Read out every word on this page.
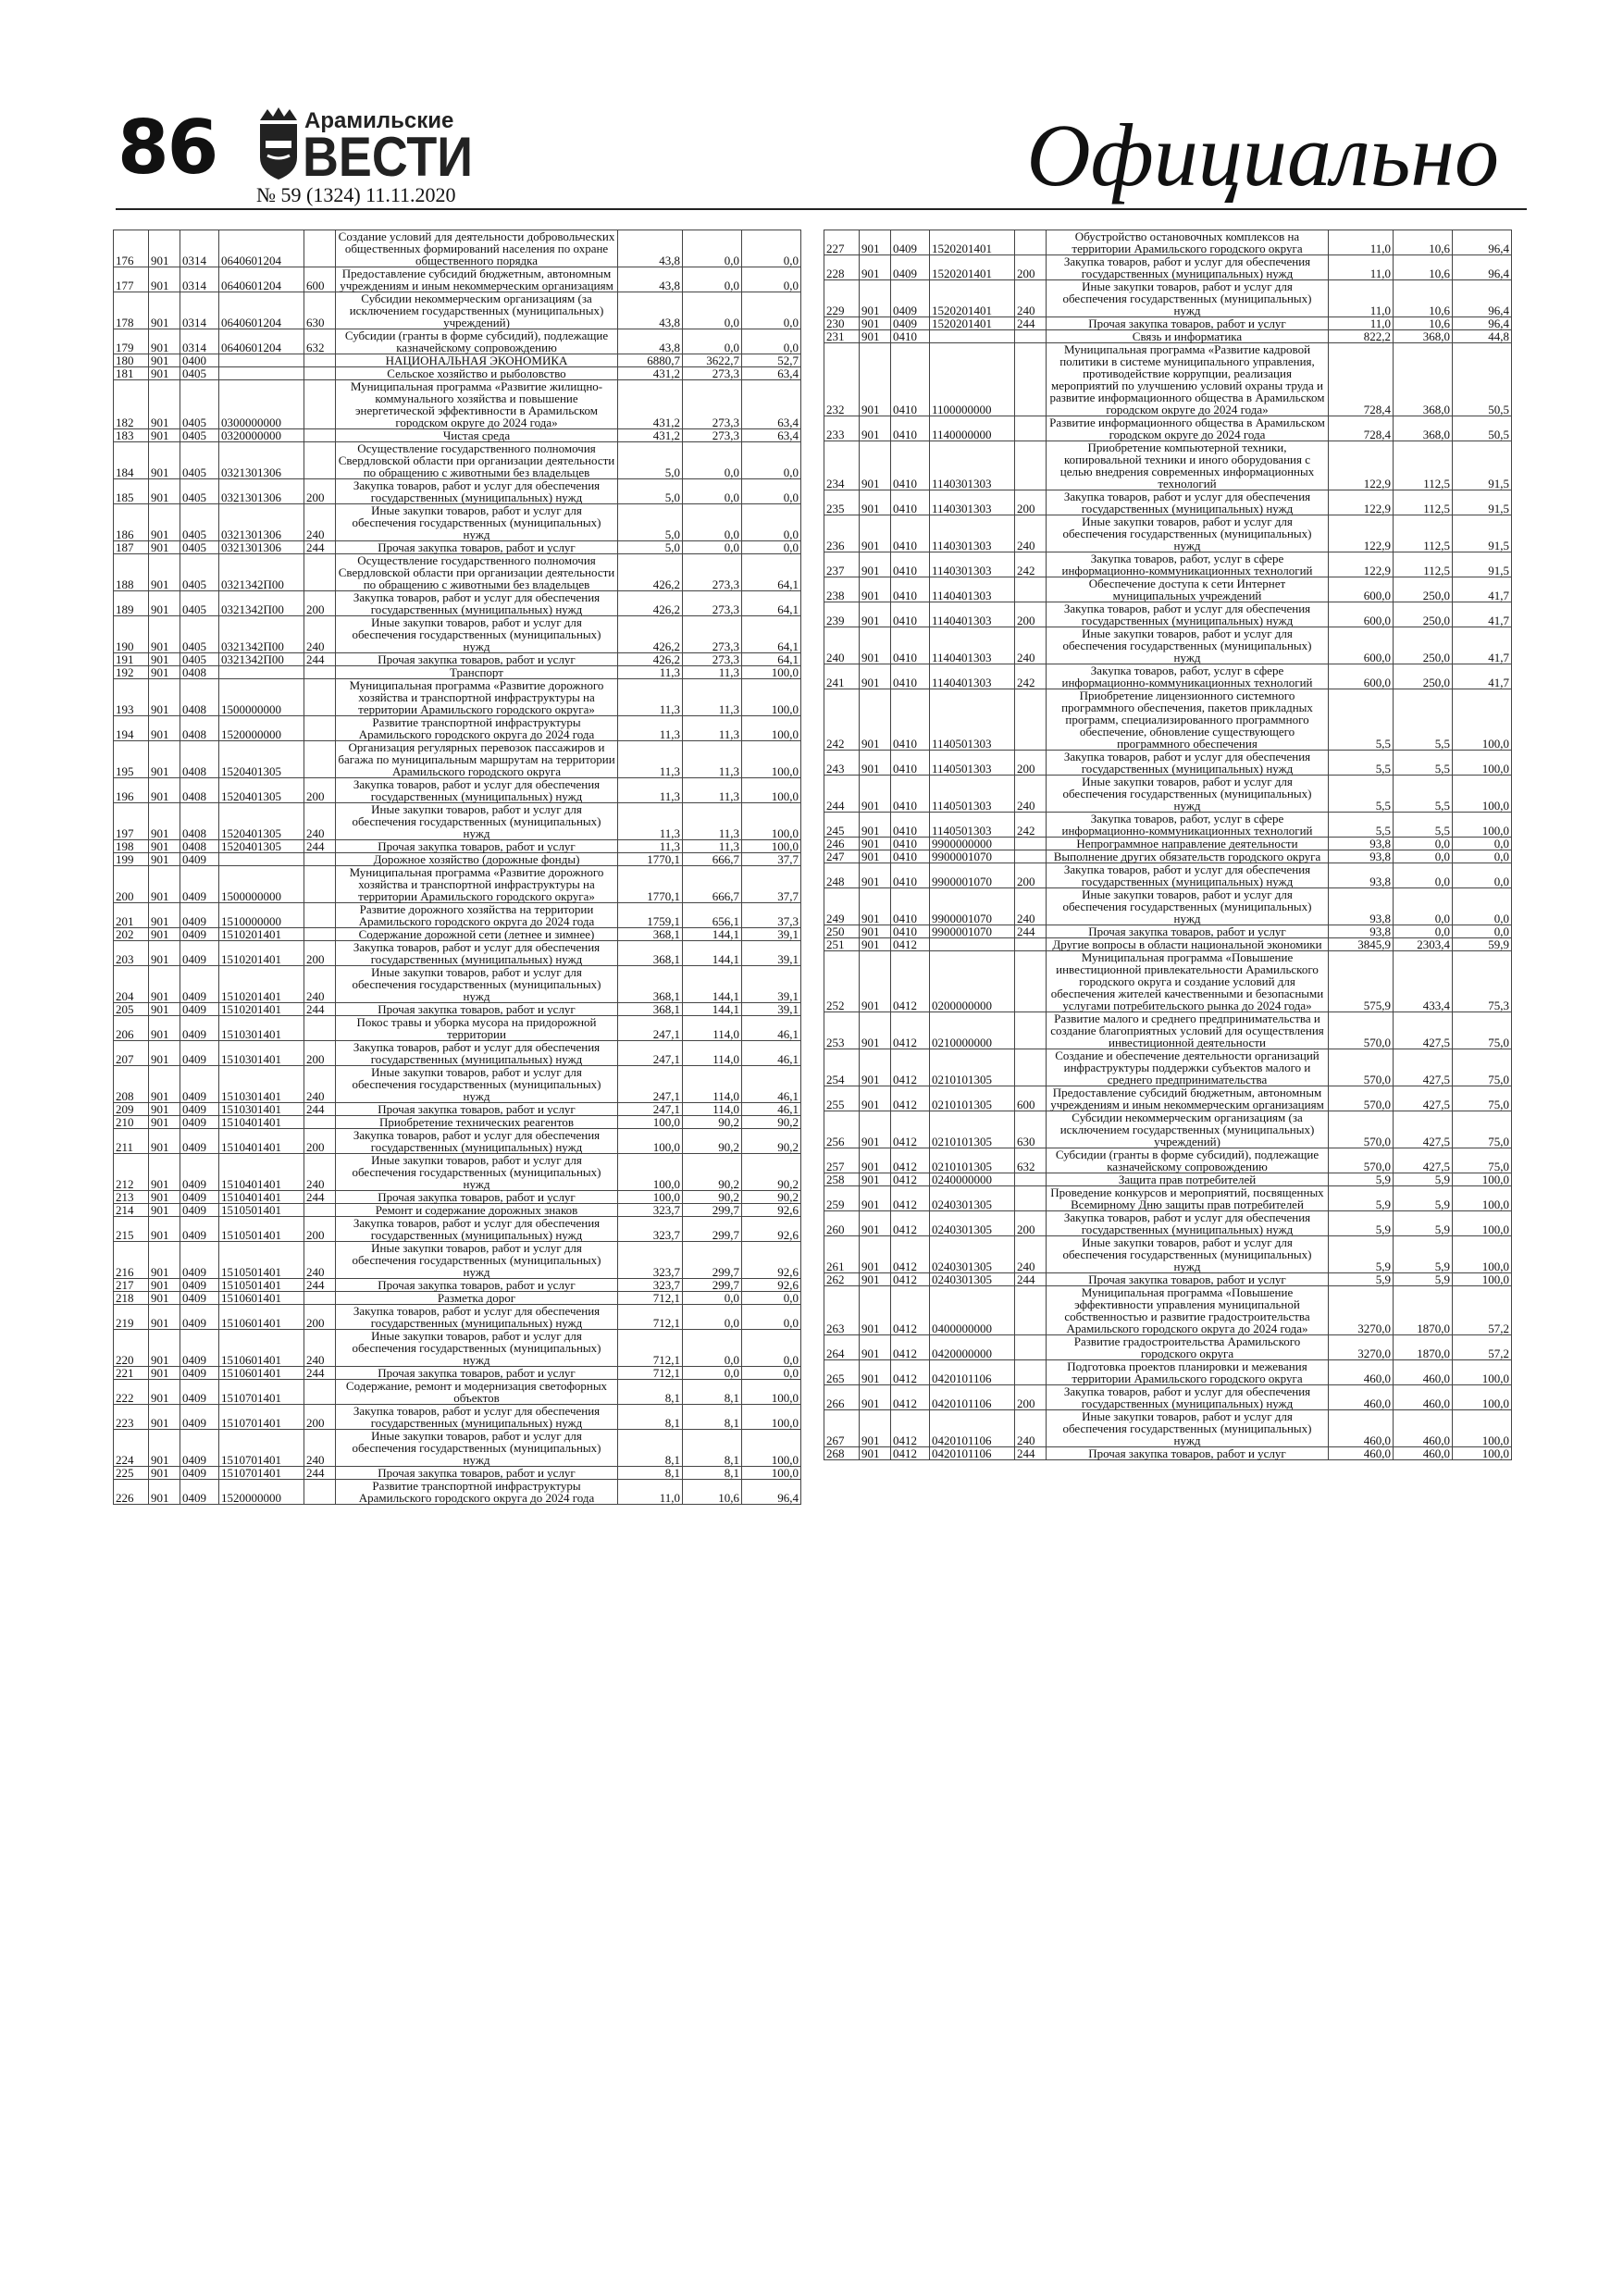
86	Арамильские
ВЕСТИ
№ 59 (1324) 11.11.2020	Официально
176	901	0314	0640601204		Создание условий для деятельности добровольческих общественных формирований населения по охране общественного порядка	43,8	0,0	0,0
177	901	0314	0640601204	600	Предоставление субсидий бюджетным, автономным учреждениям и иным некоммерческим организациям	43,8	0,0	0,0
178	901	0314	0640601204	630	Субсидии некоммерческим организациям (за исключением государственных (муниципальных) учреждений)	43,8	0,0	0,0
179	901	0314	0640601204	632	Субсидии (гранты в форме субсидий), подлежащие казначейскому сопровождению	43,8	0,0	0,0
180	901	0400			НАЦИОНАЛЬНАЯ ЭКОНОМИКА	6880,7	3622,7	52,7
181	901	0405			Сельское хозяйство и рыболовство	431,2	273,3	63,4
182	901	0405	0300000000		Муниципальная программа «Развитие жилищно-коммунального хозяйства и повышение энергетической эффективности в Арамильском городском округе до 2024 года»	431,2	273,3	63,4
183	901	0405	0320000000		Чистая среда	431,2	273,3	63,4
184	901	0405	0321301306		Осуществление государственного полномочия Свердловской области при организации деятельности по обращению с животными без владельцев	5,0	0,0	0,0
185	901	0405	0321301306	200	Закупка товаров, работ и услуг для обеспечения государственных (муниципальных) нужд	5,0	0,0	0,0
186	901	0405	0321301306	240	Иные закупки товаров, работ и услуг для обеспечения государственных (муниципальных) нужд	5,0	0,0	0,0
187	901	0405	0321301306	244	Прочая закупка товаров, работ и услуг	5,0	0,0	0,0
188	901	0405	0321342П00		Осуществление государственного полномочия Свердловской области при организации деятельности по обращению с животными без владельцев	426,2	273,3	64,1
189	901	0405	0321342П00	200	Закупка товаров, работ и услуг для обеспечения государственных (муниципальных) нужд	426,2	273,3	64,1
190	901	0405	0321342П00	240	Иные закупки товаров, работ и услуг для обеспечения государственных (муниципальных) нужд	426,2	273,3	64,1
191	901	0405	0321342П00	244	Прочая закупка товаров, работ и услуг	426,2	273,3	64,1
192	901	0408			Транспорт	11,3	11,3	100,0
193	901	0408	1500000000		Муниципальная программа «Развитие дорожного хозяйства и транспортной инфраструктуры на территории Арамильского городского округа»	11,3	11,3	100,0
194	901	0408	1520000000		Развитие транспортной инфраструктуры Арамильского городского округа до 2024 года	11,3	11,3	100,0
195	901	0408	1520401305		Организация регулярных перевозок пассажиров и багажа по муниципальным маршрутам на территории Арамильского городского округа	11,3	11,3	100,0
196	901	0408	1520401305	200	Закупка товаров, работ и услуг для обеспечения государственных (муниципальных) нужд	11,3	11,3	100,0
197	901	0408	1520401305	240	Иные закупки товаров, работ и услуг для обеспечения государственных (муниципальных) нужд	11,3	11,3	100,0
198	901	0408	1520401305	244	Прочая закупка товаров, работ и услуг	11,3	11,3	100,0
199	901	0409			Дорожное хозяйство (дорожные фонды)	1770,1	666,7	37,7
200	901	0409	1500000000		Муниципальная программа «Развитие дорожного хозяйства и транспортной инфраструктуры на территории Арамильского городского округа»	1770,1	666,7	37,7
201	901	0409	1510000000		Развитие дорожного хозяйства на территории Арамильского городского округа до 2024 года	1759,1	656,1	37,3
202	901	0409	1510201401		Содержание дорожной сети (летнее и зимнее)	368,1	144,1	39,1
203	901	0409	1510201401	200	Закупка товаров, работ и услуг для обеспечения государственных (муниципальных) нужд	368,1	144,1	39,1
204	901	0409	1510201401	240	Иные закупки товаров, работ и услуг для обеспечения государственных (муниципальных) нужд	368,1	144,1	39,1
205	901	0409	1510201401	244	Прочая закупка товаров, работ и услуг	368,1	144,1	39,1
206	901	0409	1510301401		Покос травы и уборка мусора на придорожной территории	247,1	114,0	46,1
207	901	0409	1510301401	200	Закупка товаров, работ и услуг для обеспечения государственных (муниципальных) нужд	247,1	114,0	46,1
208	901	0409	1510301401	240	Иные закупки товаров, работ и услуг для обеспечения государственных (муниципальных) нужд	247,1	114,0	46,1
209	901	0409	1510301401	244	Прочая закупка товаров, работ и услуг	247,1	114,0	46,1
210	901	0409	1510401401		Приобретение технических реагентов	100,0	90,2	90,2
211	901	0409	1510401401	200	Закупка товаров, работ и услуг для обеспечения государственных (муниципальных) нужд	100,0	90,2	90,2
212	901	0409	1510401401	240	Иные закупки товаров, работ и услуг для обеспечения государственных (муниципальных) нужд	100,0	90,2	90,2
213	901	0409	1510401401	244	Прочая закупка товаров, работ и услуг	100,0	90,2	90,2
214	901	0409	1510501401		Ремонт и содержание дорожных знаков	323,7	299,7	92,6
215	901	0409	1510501401	200	Закупка товаров, работ и услуг для обеспечения государственных (муниципальных) нужд	323,7	299,7	92,6
216	901	0409	1510501401	240	Иные закупки товаров, работ и услуг для обеспечения государственных (муниципальных) нужд	323,7	299,7	92,6
217	901	0409	1510501401	244	Прочая закупка товаров, работ и услуг	323,7	299,7	92,6
218	901	0409	1510601401		Разметка дорог	712,1	0,0	0,0
219	901	0409	1510601401	200	Закупка товаров, работ и услуг для обеспечения государственных (муниципальных) нужд	712,1	0,0	0,0
220	901	0409	1510601401	240	Иные закупки товаров, работ и услуг для обеспечения государственных (муниципальных) нужд	712,1	0,0	0,0
221	901	0409	1510601401	244	Прочая закупка товаров, работ и услуг	712,1	0,0	0,0
222	901	0409	1510701401		Содержание, ремонт и модернизация светофорных объектов	8,1	8,1	100,0
223	901	0409	1510701401	200	Закупка товаров, работ и услуг для обеспечения государственных (муниципальных) нужд	8,1	8,1	100,0
224	901	0409	1510701401	240	Иные закупки товаров, работ и услуг для обеспечения государственных (муниципальных) нужд	8,1	8,1	100,0
225	901	0409	1510701401	244	Прочая закупка товаров, работ и услуг	8,1	8,1	100,0
226	901	0409	1520000000		Развитие транспортной инфраструктуры Арамильского городского округа до 2024 года	11,0	10,6	96,4
227	901	0409	1520201401		Обустройство остановочных комплексов на территории Арамильского городского округа	11,0	10,6	96,4
228	901	0409	1520201401	200	Закупка товаров, работ и услуг для обеспечения государственных (муниципальных) нужд	11,0	10,6	96,4
229	901	0409	1520201401	240	Иные закупки товаров, работ и услуг для обеспечения государственных (муниципальных) нужд	11,0	10,6	96,4
230	901	0409	1520201401	244	Прочая закупка товаров, работ и услуг	11,0	10,6	96,4
231	901	0410			Связь и информатика	822,2	368,0	44,8
232	901	0410	1100000000		Муниципальная программа «Развитие кадровой политики в системе муниципального управления, противодействие коррупции, реализация мероприятий по улучшению условий охраны труда и развитие информационного общества в Арамильском городском округе до 2024 года»	728,4	368,0	50,5
233	901	0410	1140000000		Развитие информационного общества в Арамильском городском округе до 2024 года	728,4	368,0	50,5
234	901	0410	1140301303		Приобретение компьютерной техники, копировальной техники и иного оборудования с целью внедрения современных информационных технологий	122,9	112,5	91,5
235	901	0410	1140301303	200	Закупка товаров, работ и услуг для обеспечения государственных (муниципальных) нужд	122,9	112,5	91,5
236	901	0410	1140301303	240	Иные закупки товаров, работ и услуг для обеспечения государственных (муниципальных) нужд	122,9	112,5	91,5
237	901	0410	1140301303	242	Закупка товаров, работ, услуг в сфере информационно-коммуникационных технологий	122,9	112,5	91,5
238	901	0410	1140401303		Обеспечение доступа к сети Интернет муниципальных учреждений	600,0	250,0	41,7
239	901	0410	1140401303	200	Закупка товаров, работ и услуг для обеспечения государственных (муниципальных) нужд	600,0	250,0	41,7
240	901	0410	1140401303	240	Иные закупки товаров, работ и услуг для обеспечения государственных (муниципальных) нужд	600,0	250,0	41,7
241	901	0410	1140401303	242	Закупка товаров, работ, услуг в сфере информационно-коммуникационных технологий	600,0	250,0	41,7
242	901	0410	1140501303		Приобретение лицензионного системного программного обеспечения, пакетов прикладных программ, специализированного программного обеспечение, обновление существующего программного обеспечения	5,5	5,5	100,0
243	901	0410	1140501303	200	Закупка товаров, работ и услуг для обеспечения государственных (муниципальных) нужд	5,5	5,5	100,0
244	901	0410	1140501303	240	Иные закупки товаров, работ и услуг для обеспечения государственных (муниципальных) нужд	5,5	5,5	100,0
245	901	0410	1140501303	242	Закупка товаров, работ, услуг в сфере информационно-коммуникационных технологий	5,5	5,5	100,0
246	901	0410	9900000000		Непрограммное направление деятельности	93,8	0,0	0,0
247	901	0410	9900001070		Выполнение других обязательств городского округа	93,8	0,0	0,0
248	901	0410	9900001070	200	Закупка товаров, работ и услуг для обеспечения государственных (муниципальных) нужд	93,8	0,0	0,0
249	901	0410	9900001070	240	Иные закупки товаров, работ и услуг для обеспечения государственных (муниципальных) нужд	93,8	0,0	0,0
250	901	0410	9900001070	244	Прочая закупка товаров, работ и услуг	93,8	0,0	0,0
251	901	0412			Другие вопросы в области национальной экономики	3845,9	2303,4	59,9
252	901	0412	0200000000		Муниципальная программа «Повышение инвестиционной привлекательности Арамильского городского округа и создание условий для обеспечения жителей качественными и безопасными услугами потребительского рынка до 2024 года»	575,9	433,4	75,3
253	901	0412	0210000000		Развитие малого и среднего предпринимательства и создание благоприятных условий для осуществления инвестиционной деятельности	570,0	427,5	75,0
254	901	0412	0210101305		Создание и обеспечение деятельности организаций инфраструктуры поддержки субъектов малого и среднего предпринимательства	570,0	427,5	75,0
255	901	0412	0210101305	600	Предоставление субсидий бюджетным, автономным учреждениям и иным некоммерческим организациям	570,0	427,5	75,0
256	901	0412	0210101305	630	Субсидии некоммерческим организациям (за исключением государственных (муниципальных) учреждений)	570,0	427,5	75,0
257	901	0412	0210101305	632	Субсидии (гранты в форме субсидий), подлежащие казначейскому сопровождению	570,0	427,5	75,0
258	901	0412	0240000000		Защита прав потребителей	5,9	5,9	100,0
259	901	0412	0240301305		Проведение конкурсов и мероприятий, посвященных Всемирному Дню защиты прав потребителей	5,9	5,9	100,0
260	901	0412	0240301305	200	Закупка товаров, работ и услуг для обеспечения государственных (муниципальных) нужд	5,9	5,9	100,0
261	901	0412	0240301305	240	Иные закупки товаров, работ и услуг для обеспечения государственных (муниципальных) нужд	5,9	5,9	100,0
262	901	0412	0240301305	244	Прочая закупка товаров, работ и услуг	5,9	5,9	100,0
263	901	0412	0400000000		Муниципальная программа «Повышение эффективности управления муниципальной собственностью и развитие градостроительства Арамильского городского округа до 2024 года»	3270,0	1870,0	57,2
264	901	0412	0420000000		Развитие градостроительства Арамильского городского округа	3270,0	1870,0	57,2
265	901	0412	0420101106		Подготовка проектов планировки и межевания территории Арамильского городского округа	460,0	460,0	100,0
266	901	0412	0420101106	200	Закупка товаров, работ и услуг для обеспечения государственных (муниципальных) нужд	460,0	460,0	100,0
267	901	0412	0420101106	240	Иные закупки товаров, работ и услуг для обеспечения государственных (муниципальных) нужд	460,0	460,0	100,0
268	901	0412	0420101106	244	Прочая закупка товаров, работ и услуг	460,0	460,0	100,0
